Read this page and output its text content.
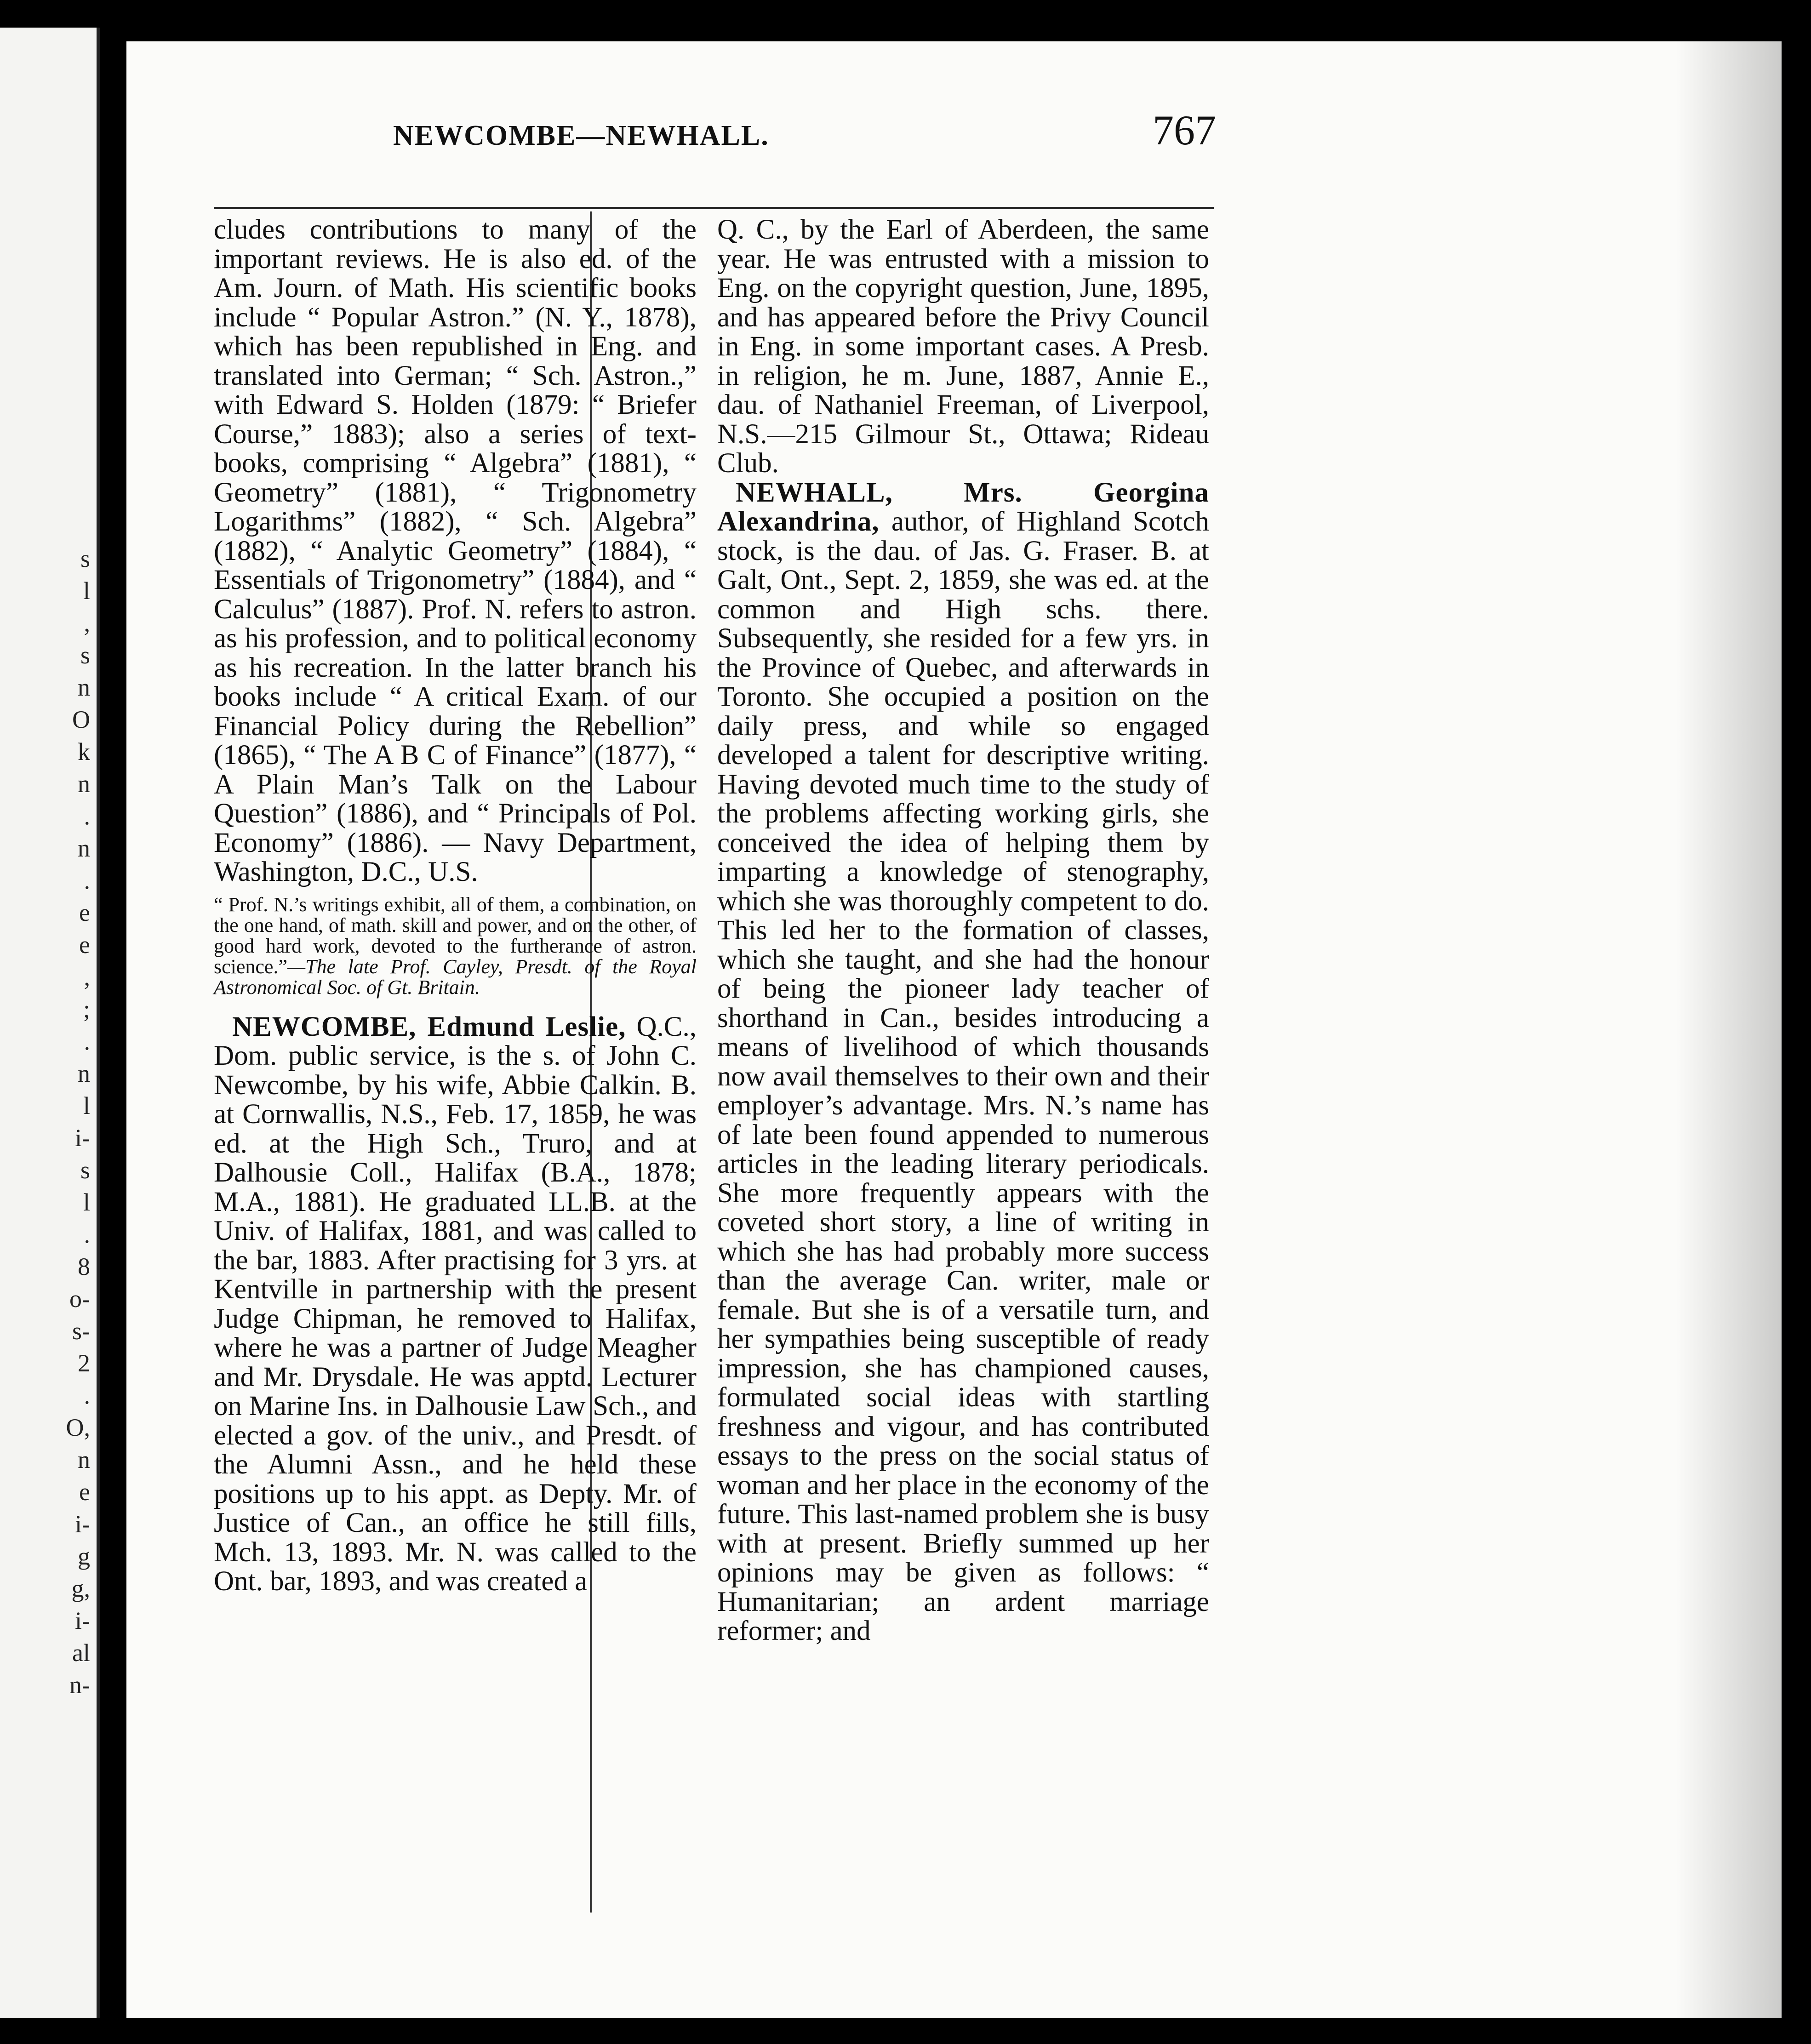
s
l
,
s
n
O
k
n
.
n
.
e
e
,
;
.
n
l
i-
s
l
.
8
o-
s-
2
.
O,
n
e
i-
g
g,
i-
al
n-
NEWCOMBE—NEWHALL.	767

cludes contributions to many of the important reviews. He is also ed. of the Am. Journ. of Math. His scientific books include “ Popular Astron.” (N. Y., 1878), which has been republished in Eng. and translated into German; “ Sch. Astron.,” with Edward S. Holden (1879: “ Briefer Course,” 1883); also a series of text-books, comprising “ Algebra” (1881), “ Geometry” (1881), “ Trigonometry Logarithms” (1882), “ Sch. Algebra” (1882), “ Analytic Geometry” (1884), “ Essentials of Trigonometry” (1884), and “ Calculus” (1887). Prof. N. refers to astron. as his profession, and to political economy as his recreation. In the latter branch his books include “ A critical Exam. of our Financial Policy during the Rebellion” (1865), “ The A B C of Finance” (1877), “ A Plain Man’s Talk on the Labour Question” (1886), and “ Principals of Pol. Economy” (1886). — Navy Department, Washington, D.C., U.S.

“ Prof. N.’s writings exhibit, all of them, a combination, on the one hand, of math. skill and power, and on the other, of good hard work, devoted to the furtherance of astron. science.”—The late Prof. Cayley, Presdt. of the Royal Astronomical Soc. of Gt. Britain.

NEWCOMBE, Edmund Leslie, Q.C., Dom. public service, is the s. of John C. Newcombe, by his wife, Abbie Calkin. B. at Cornwallis, N.S., Feb. 17, 1859, he was ed. at the High Sch., Truro, and at Dalhousie Coll., Halifax (B.A., 1878; M.A., 1881). He graduated LL.B. at the Univ. of Halifax, 1881, and was called to the bar, 1883. After practising for 3 yrs. at Kentville in partnership with the present Judge Chipman, he removed to Halifax, where he was a partner of Judge Meagher and Mr. Drysdale. He was apptd. Lecturer on Marine Ins. in Dalhousie Law Sch., and elected a gov. of the univ., and Presdt. of the Alumni Assn., and he held these positions up to his appt. as Depty. Mr. of Justice of Can., an office he still fills, Mch. 13, 1893. Mr. N. was called to the Ont. bar, 1893, and was created a

Q. C., by the Earl of Aberdeen, the same year. He was entrusted with a mission to Eng. on the copyright question, June, 1895, and has appeared before the Privy Council in Eng. in some important cases. A Presb. in religion, he m. June, 1887, Annie E., dau. of Nathaniel Freeman, of Liverpool, N.S.—215 Gilmour St., Ottawa; Rideau Club.

NEWHALL, Mrs. Georgina Alexandrina, author, of Highland Scotch stock, is the dau. of Jas. G. Fraser. B. at Galt, Ont., Sept. 2, 1859, she was ed. at the common and High schs. there. Subsequently, she resided for a few yrs. in the Province of Quebec, and afterwards in Toronto. She occupied a position on the daily press, and while so engaged developed a talent for descriptive writing. Having devoted much time to the study of the problems affecting working girls, she conceived the idea of helping them by imparting a knowledge of stenography, which she was thoroughly competent to do. This led her to the formation of classes, which she taught, and she had the honour of being the pioneer lady teacher of shorthand in Can., besides introducing a means of livelihood of which thousands now avail themselves to their own and their employer’s advantage. Mrs. N.’s name has of late been found appended to numerous articles in the leading literary periodicals. She more frequently appears with the coveted short story, a line of writing in which she has had probably more success than the average Can. writer, male or female. But she is of a versatile turn, and her sympathies being susceptible of ready impression, she has championed causes, formulated social ideas with startling freshness and vigour, and has contributed essays to the press on the social status of woman and her place in the economy of the future. This last-named problem she is busy with at present. Briefly summed up her opinions may be given as follows: “ Humanitarian; an ardent marriage reformer; and
